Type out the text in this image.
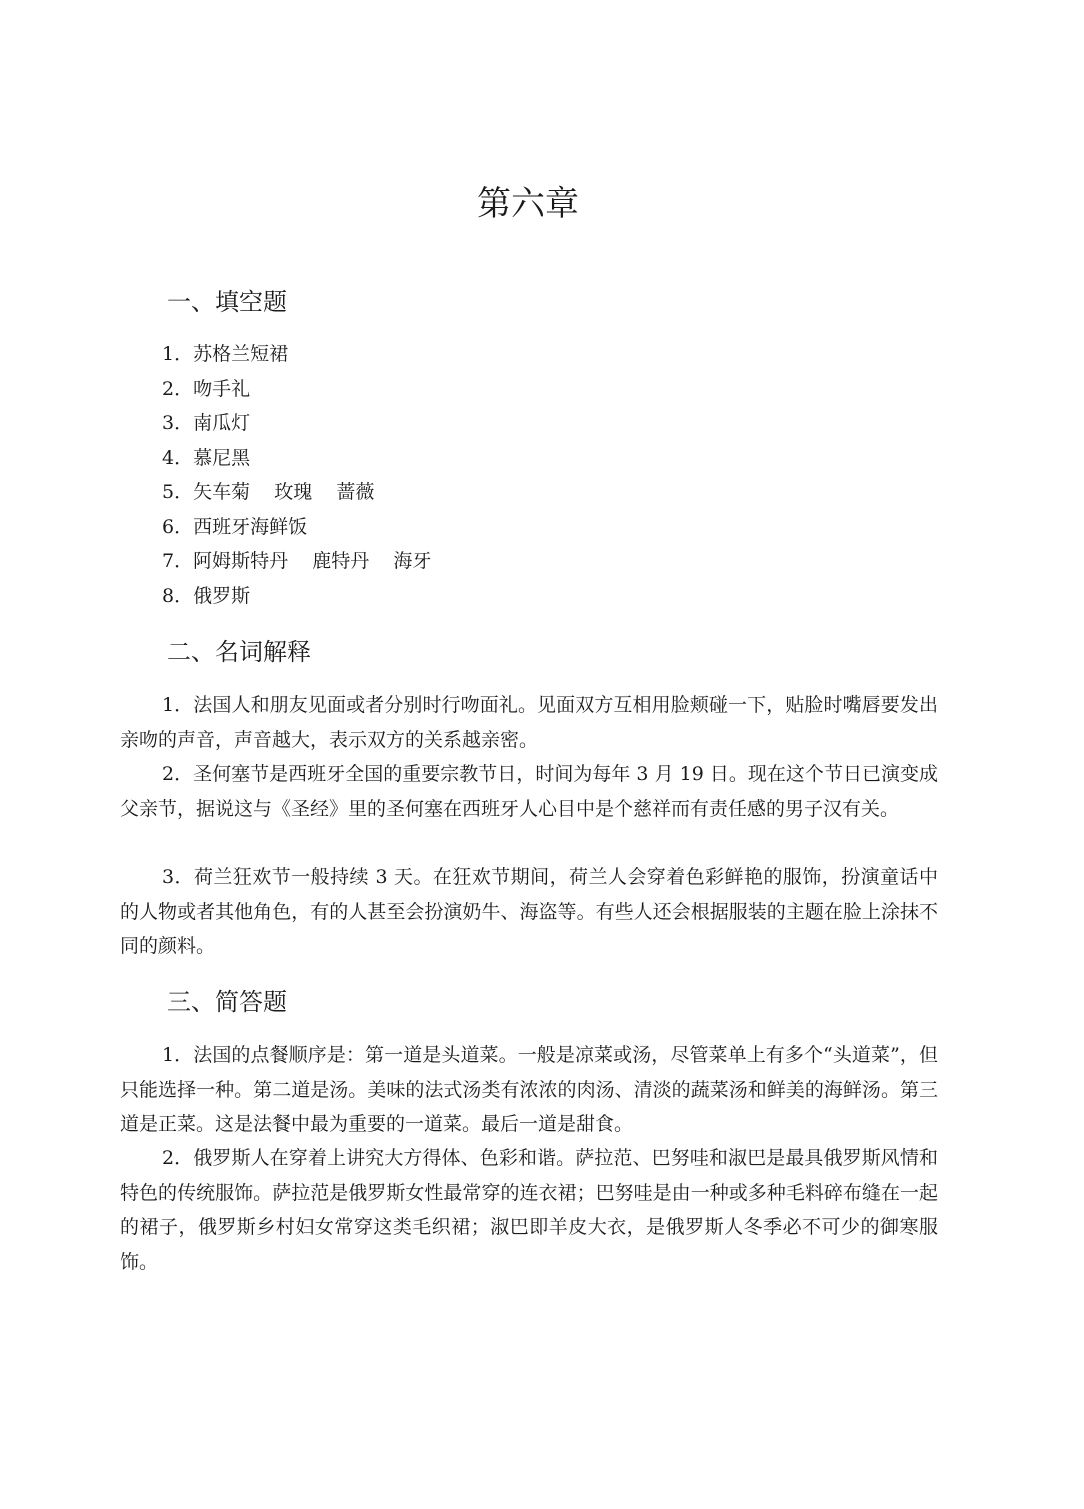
第六章
一、填空题
1．苏格兰短裙
2．吻手礼
3．南瓜灯
4．慕尼黑
5．矢车菊    玫瑰    蔷薇
6．西班牙海鲜饭
7．阿姆斯特丹    鹿特丹    海牙
8．俄罗斯
二、名词解释

1．法国人和朋友见面或者分别时行吻面礼。见面双方互相用脸颊碰一下，贴脸时嘴唇要发出亲吻的声音，声音越大，表示双方的关系越亲密。

2．圣何塞节是西班牙全国的重要宗教节日，时间为每年 3 月 19 日。现在这个节日已演变成父亲节，据说这与《圣经》里的圣何塞在西班牙人心目中是个慈祥而有责任感的男子汉有关。

3．荷兰狂欢节一般持续 3 天。在狂欢节期间，荷兰人会穿着色彩鲜艳的服饰，扮演童话中的人物或者其他角色，有的人甚至会扮演奶牛、海盗等。有些人还会根据服装的主题在脸上涂抹不同的颜料。

三、简答题

1．法国的点餐顺序是：第一道是头道菜。一般是凉菜或汤，尽管菜单上有多个“头道菜”，但只能选择一种。第二道是汤。美味的法式汤类有浓浓的肉汤、清淡的蔬菜汤和鲜美的海鲜汤。第三道是正菜。这是法餐中最为重要的一道菜。最后一道是甜食。

2．俄罗斯人在穿着上讲究大方得体、色彩和谐。萨拉范、巴努哇和淑巴是最具俄罗斯风情和特色的传统服饰。萨拉范是俄罗斯女性最常穿的连衣裙；巴努哇是由一种或多种毛料碎布缝在一起的裙子，俄罗斯乡村妇女常穿这类毛织裙；淑巴即羊皮大衣，是俄罗斯人冬季必不可少的御寒服饰。
